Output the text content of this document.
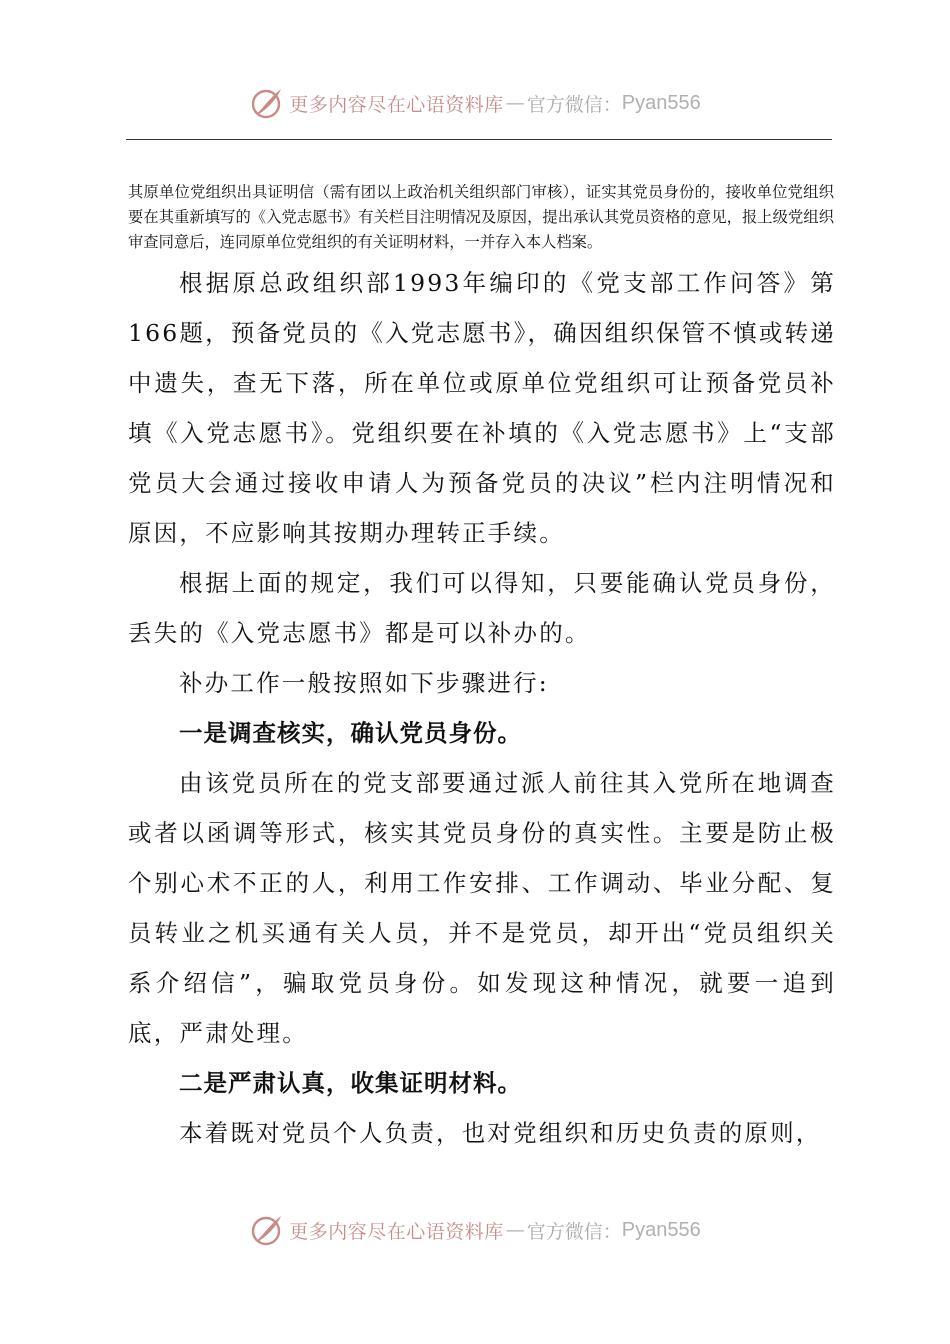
更多内容尽在心语资料库 — 官方微信： Pyan556

其原单位党组织出具证明信（需有团以上政治机关组织部门审核），证实其党员身份的，接收单位党组织要在其重新填写的《入党志愿书》有关栏目注明情况及原因，提出承认其党员资格的意见，报上级党组织审查同意后，连同原单位党组织的有关证明材料，一并存入本人档案。

根据原总政组织部1993年编印的《党支部工作问答》第166题，预备党员的《入党志愿书》，确因组织保管不慎或转递中遗失，查无下落，所在单位或原单位党组织可让预备党员补填《入党志愿书》。党组织要在补填的《入党志愿书》上“支部党员大会通过接收申请人为预备党员的决议”栏内注明情况和原因，不应影响其按期办理转正手续。

根据上面的规定，我们可以得知，只要能确认党员身份，丢失的《入党志愿书》都是可以补办的。

补办工作一般按照如下步骤进行:

一是调查核实，确认党员身份。

由该党员所在的党支部要通过派人前往其入党所在地调查或者以函调等形式，核实其党员身份的真实性。主要是防止极个别心术不正的人，利用工作安排、工作调动、毕业分配、复员转业之机买通有关人员，并不是党员，却开出“党员组织关系介绍信”，骗取党员身份。如发现这种情况，就要一追到底，严肃处理。

二是严肃认真，收集证明材料。

本着既对党员个人负责，也对党组织和历史负责的原则，

更多内容尽在心语资料库 — 官方微信： Pyan556
